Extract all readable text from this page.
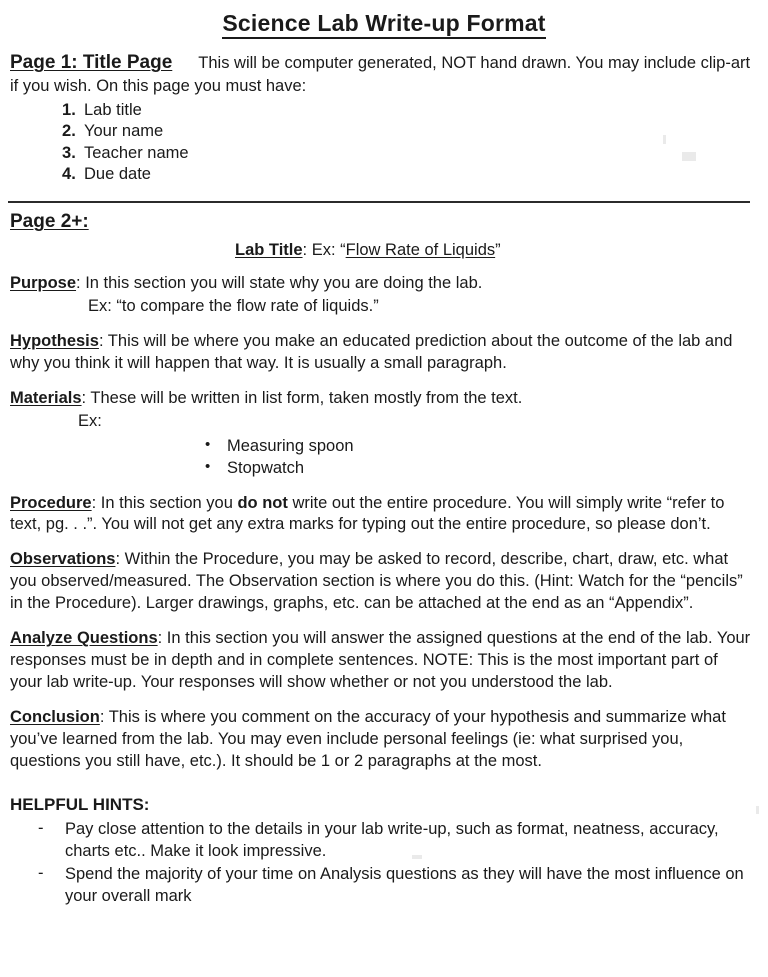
Science Lab Write-up Format
Page 1: Title Page This will be computer generated, NOT hand drawn. You may include clip-art if you wish. On this page you must have:
Lab title
Your name
Teacher name
Due date
Page 2+:
Lab Title: Ex: “Flow Rate of Liquids”
Purpose: In this section you will state why you are doing the lab.
Ex: “to compare the flow rate of liquids.”
Hypothesis: This will be where you make an educated prediction about the outcome of the lab and why you think it will happen that way. It is usually a small paragraph.
Materials: These will be written in list form, taken mostly from the text.
Ex:
• Measuring spoon
• Stopwatch
Procedure: In this section you do not write out the entire procedure. You will simply write “refer to text, pg. . .”. You will not get any extra marks for typing out the entire procedure, so please don’t.
Observations: Within the Procedure, you may be asked to record, describe, chart, draw, etc. what you observed/measured. The Observation section is where you do this. (Hint: Watch for the “pencils” in the Procedure). Larger drawings, graphs, etc. can be attached at the end as an “Appendix”.
Analyze Questions: In this section you will answer the assigned questions at the end of the lab. Your responses must be in depth and in complete sentences. NOTE: This is the most important part of your lab write-up. Your responses will show whether or not you understood the lab.
Conclusion: This is where you comment on the accuracy of your hypothesis and summarize what you’ve learned from the lab. You may even include personal feelings (ie: what surprised you, questions you still have, etc.). It should be 1 or 2 paragraphs at the most.
HELPFUL HINTS:
- Pay close attention to the details in your lab write-up, such as format, neatness, accuracy, charts etc.. Make it look impressive.
- Spend the majority of your time on Analysis questions as they will have the most influence on your overall mark
